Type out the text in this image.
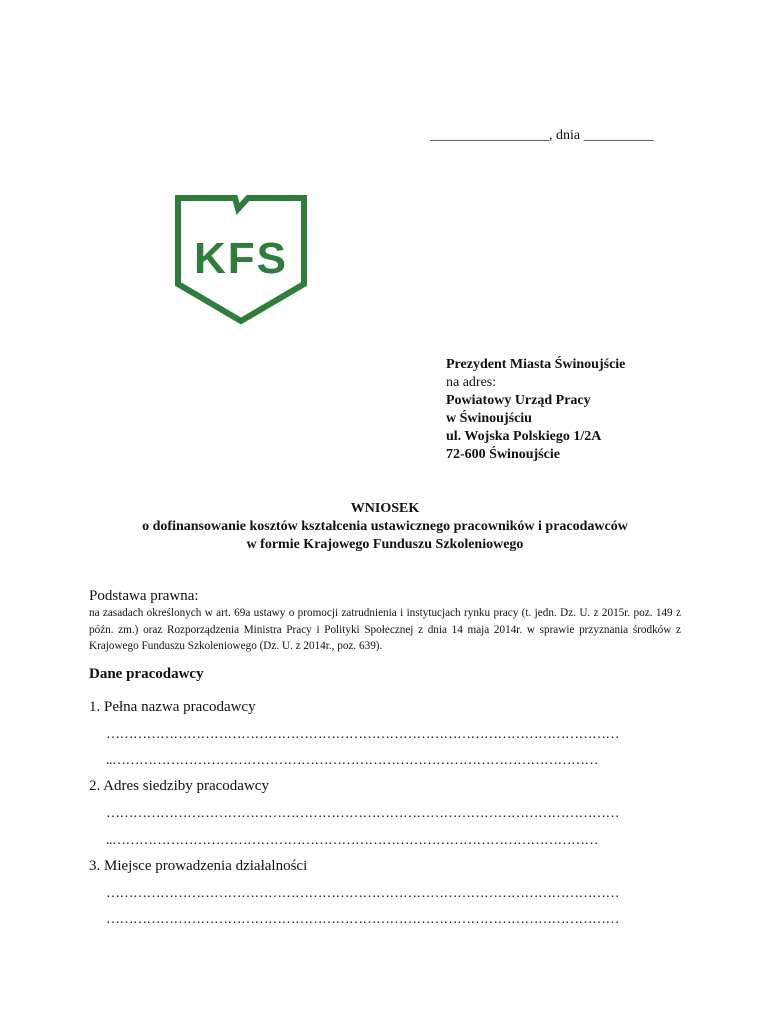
_________________, dnia __________
KFS
Prezydent Miasta Świnoujście
na adres:
Powiatowy Urząd Pracy
w Świnoujściu
ul. Wojska Polskiego 1/2A
72-600 Świnoujście
WNIOSEK
o dofinansowanie kosztów kształcenia ustawicznego pracowników i pracodawców
w formie Krajowego Funduszu Szkoleniowego
Podstawa prawna:
na zasadach określonych w art. 69a ustawy o promocji zatrudnienia i instytucjach rynku pracy (t. jedn. Dz. U. z 2015r. poz. 149 z późn. zm.) oraz Rozporządzenia Ministra Pracy i Polityki Społecznej z dnia 14 maja 2014r. w sprawie przyznania środków z Krajowego Funduszu Szkoleniowego (Dz. U. z 2014r., poz. 639).
Dane pracodawcy
1. Pełna nazwa pracodawcy
……………………………………………………………………………………………………
..………………………………………………………………………………………………
2. Adres siedziby pracodawcy
……………………………………………………………………………………………………
..………………………………………………………………………………………………
3. Miejsce prowadzenia działalności
……………………………………………………………………………………………………
……………………………………………………………………………………………………
